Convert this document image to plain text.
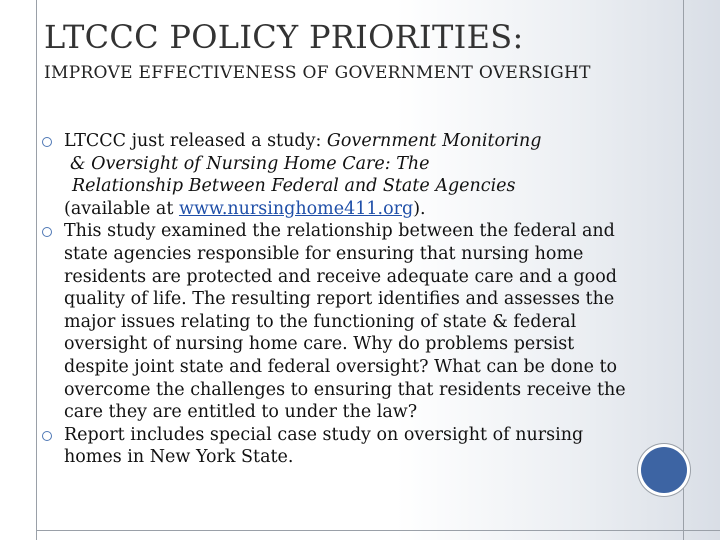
LTCCC POLICY PRIORITIES:
IMPROVE EFFECTIVENESS OF GOVERNMENT OVERSIGHT
LTCCC just released a study: Government Monitoring
& Oversight of Nursing Home Care: The
Relationship Between Federal and State Agencies
(available at www.nursinghome411.org).
This study examined the relationship between the federal and state agencies responsible for ensuring that nursing home residents are protected and receive adequate care and a good quality of life. The resulting report identifies and assesses the major issues relating to the functioning of state & federal oversight of nursing home care. Why do problems persist despite joint state and federal oversight? What can be done to overcome the challenges to ensuring that residents receive the care they are entitled to under the law?
Report includes special case study on oversight of nursing homes in New York State.
